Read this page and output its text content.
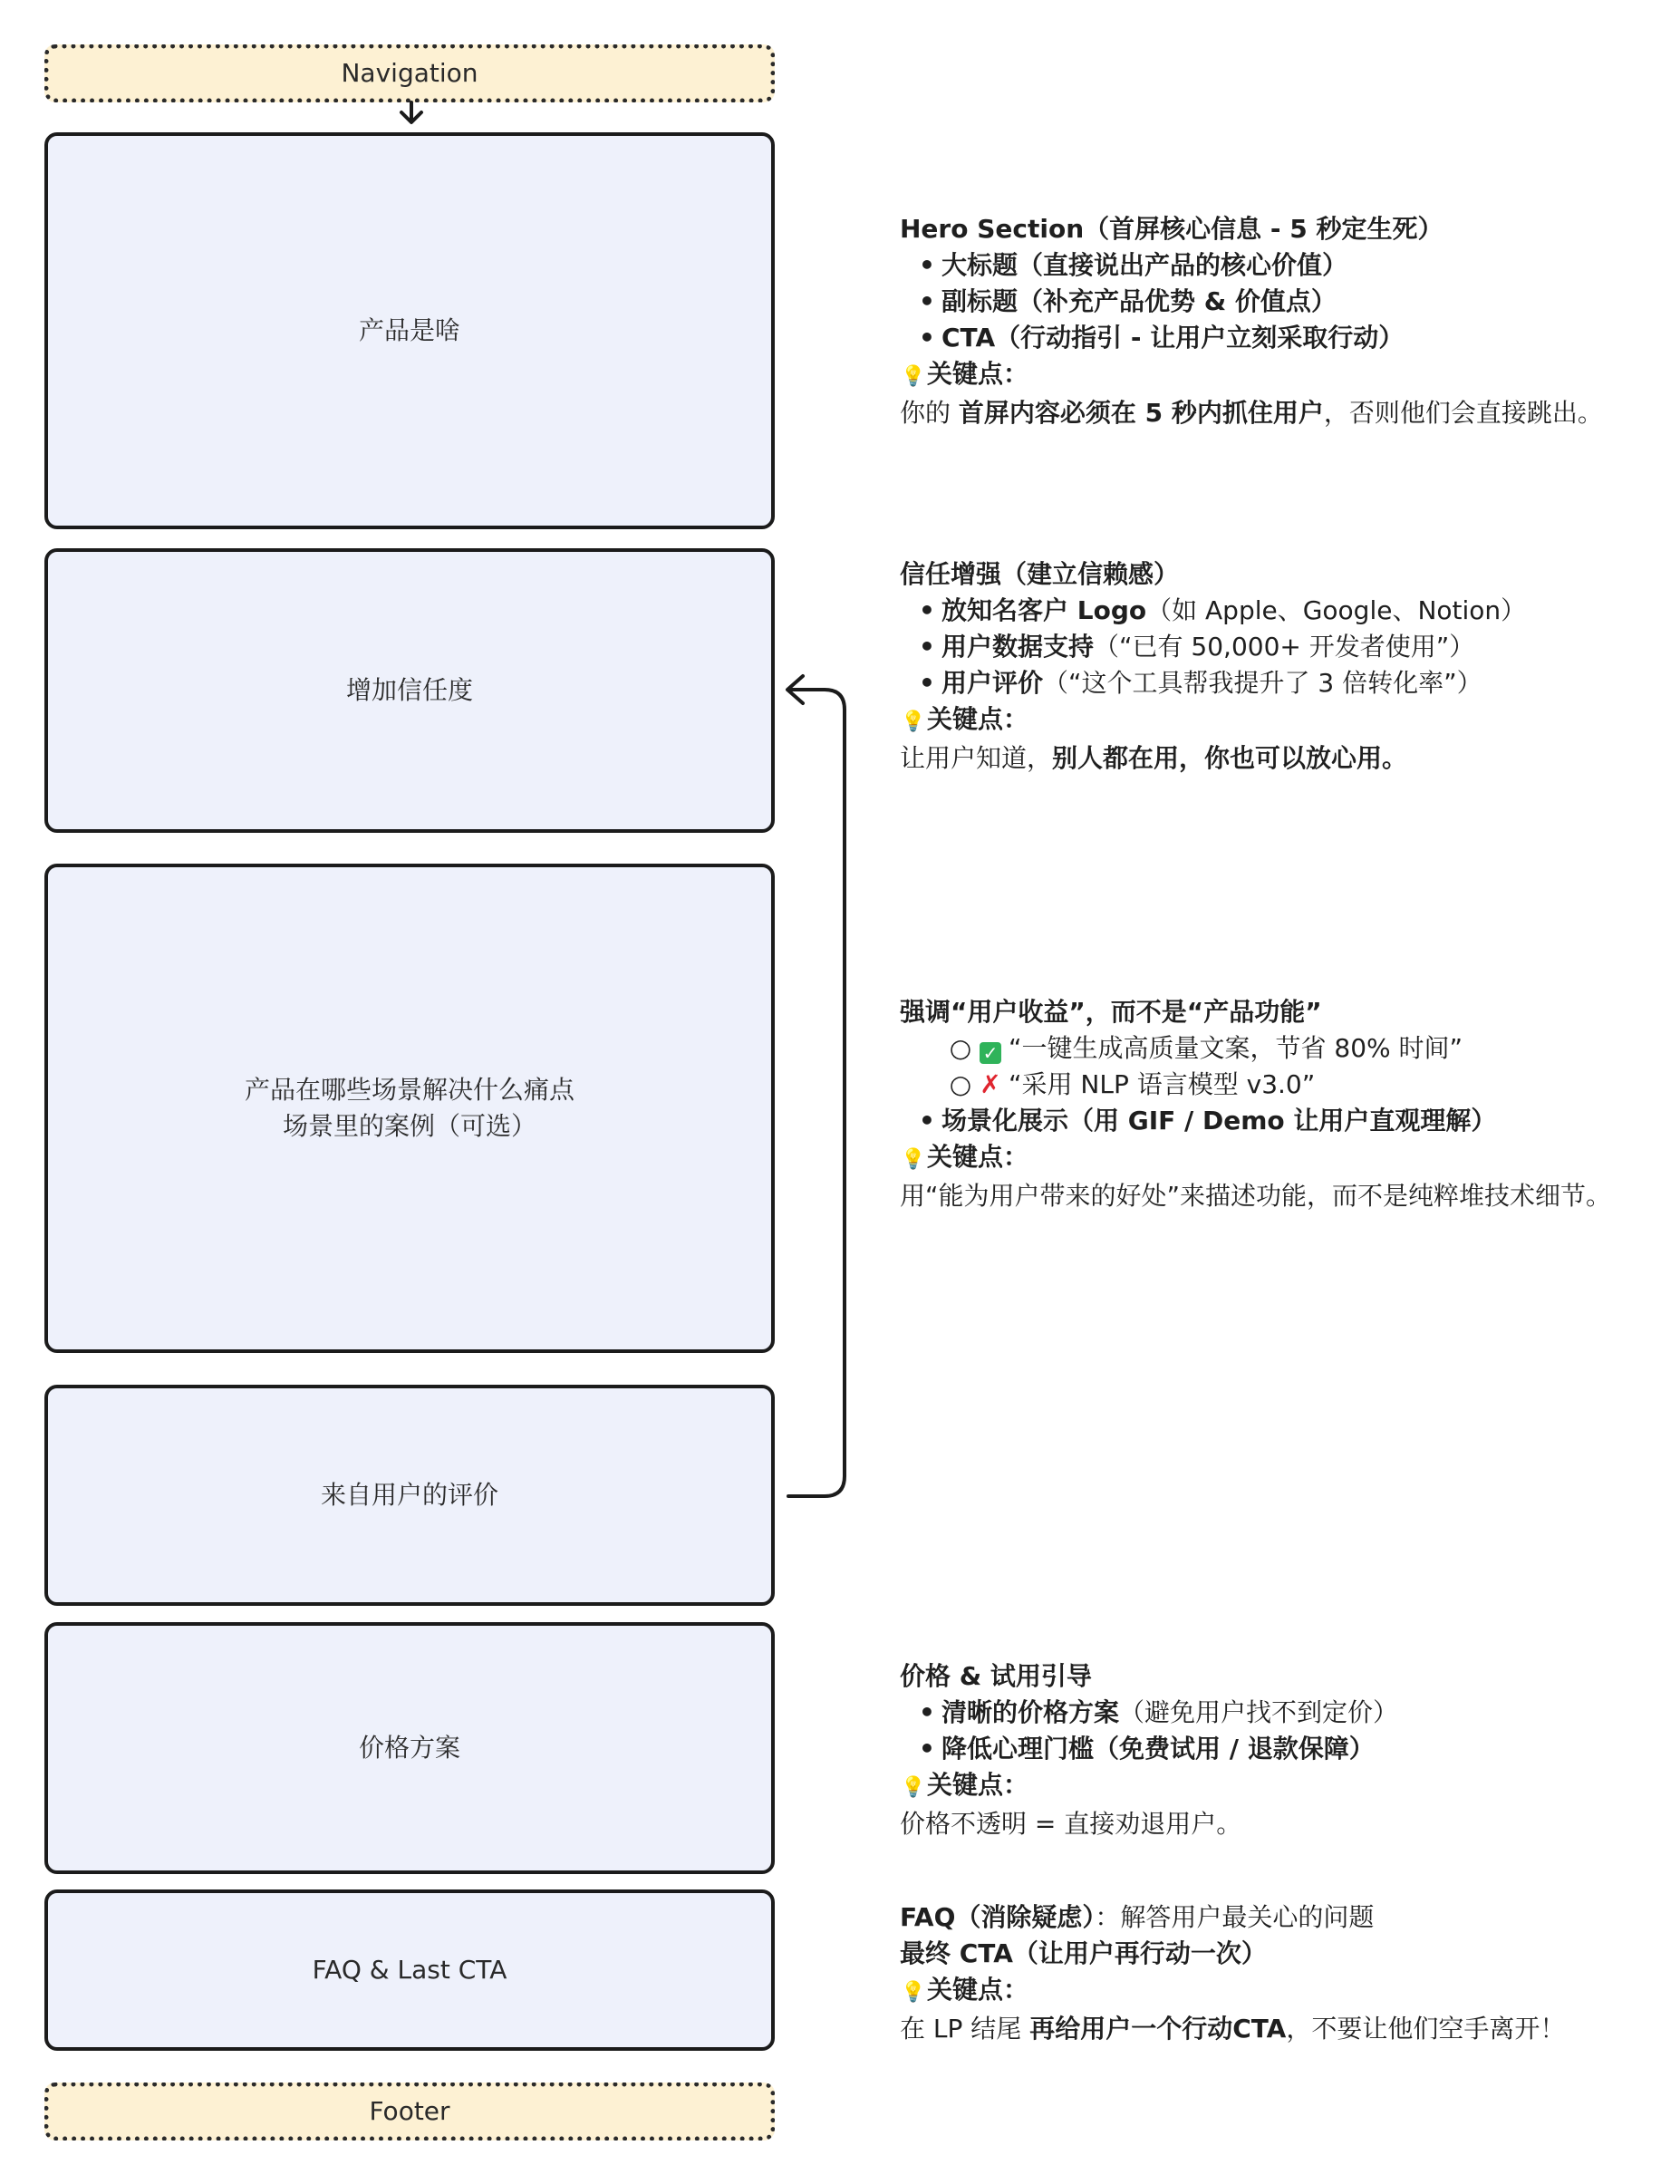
Navigation
产品是啥
增加信任度
产品在哪些场景解决什么痛点
场景里的案例（可选）
来自用户的评价
价格方案
FAQ & Last CTA
Footer
Hero Section（首屏核心信息 - 5 秒定生死）
• 大标题（直接说出产品的核心价值）
• 副标题（补充产品优势 & 价值点）
• CTA（行动指引 - 让用户立刻采取行动）
💡关键点：
你的 首屏内容必须在 5 秒内抓住用户，否则他们会直接跳出。
信任增强（建立信赖感）
• 放知名客户 Logo（如 Apple、Google、Notion）
• 用户数据支持（“已有 50,000+ 开发者使用”）
• 用户评价（“这个工具帮我提升了 3 倍转化率”）
💡关键点：
让用户知道，别人都在用，你也可以放心用。
强调“用户收益”，而不是“产品功能”
○ ✓ “一键生成高质量文案，节省 80% 时间”
○ ✗ “采用 NLP 语言模型 v3.0”
• 场景化展示（用 GIF / Demo 让用户直观理解）
💡关键点：
用“能为用户带来的好处”来描述功能，而不是纯粹堆技术细节。
价格 & 试用引导
• 清晰的价格方案（避免用户找不到定价）
• 降低心理门槛（免费试用 / 退款保障）
💡关键点：
价格不透明 = 直接劝退用户。
FAQ（消除疑虑）：解答用户最关心的问题
最终 CTA（让用户再行动一次）
💡关键点：
在 LP 结尾 再给用户一个行动CTA，不要让他们空手离开！
